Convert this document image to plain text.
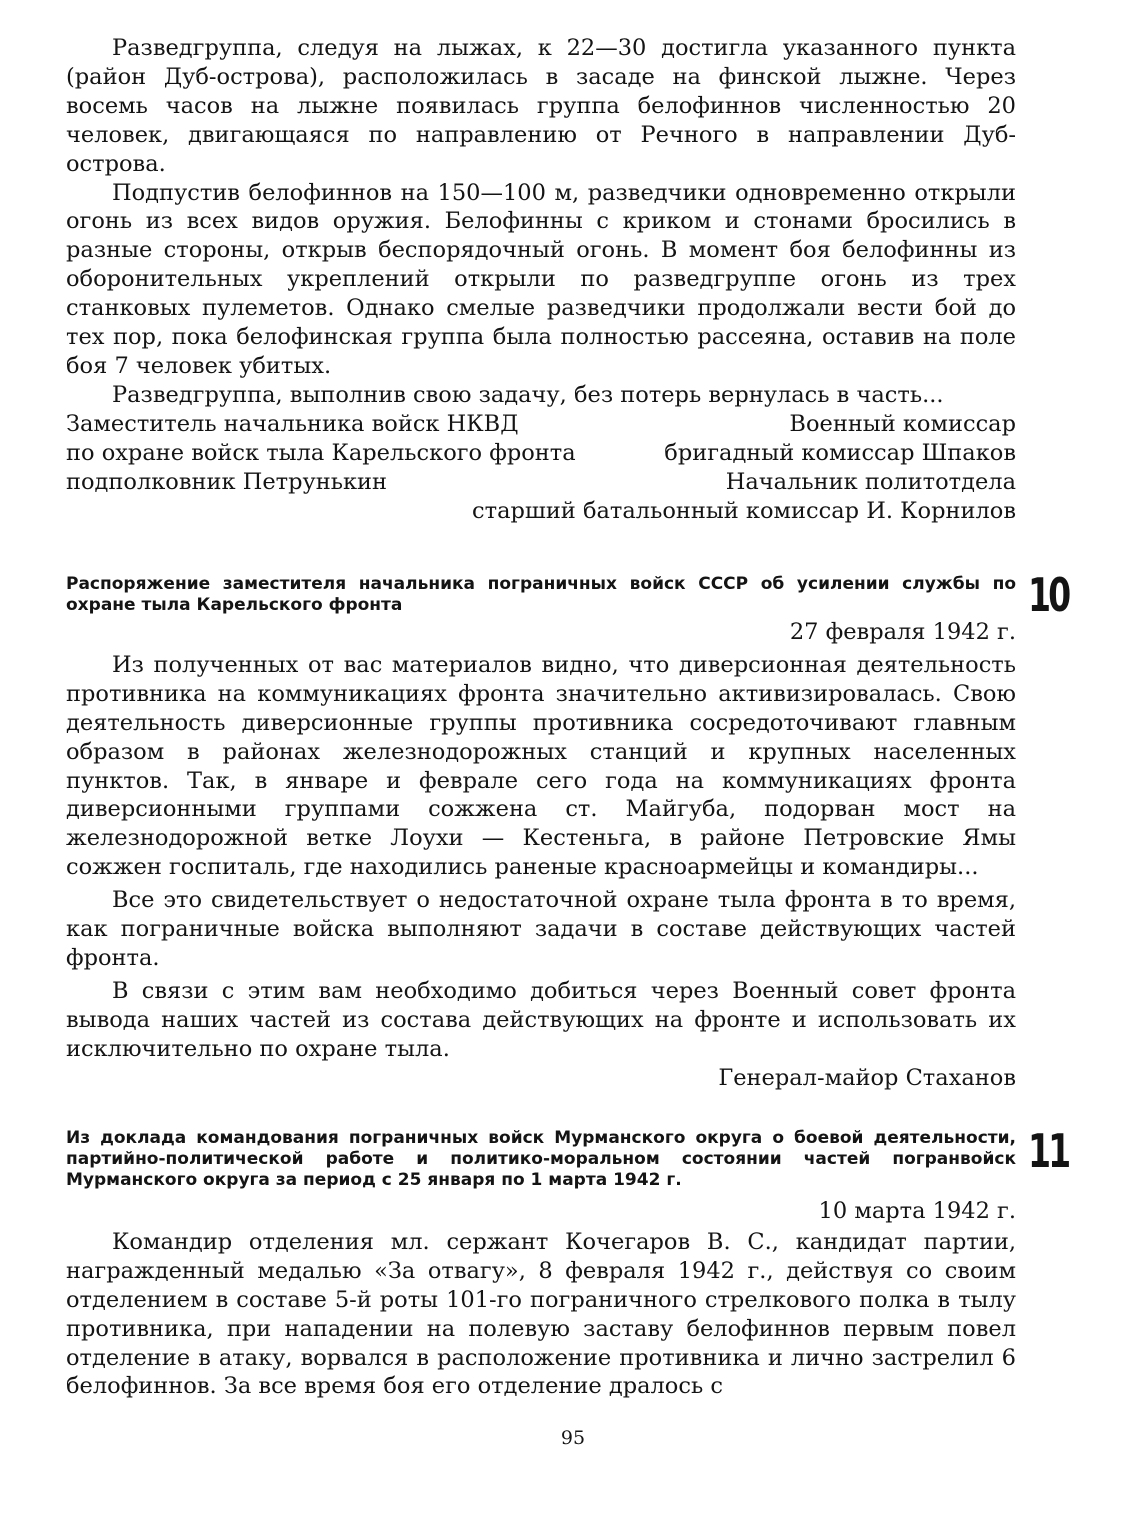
Разведгруппа, следуя на лыжах, к 22—30 достигла указанного пункта (район Дуб-острова), расположилась в засаде на финской лыжне. Через восемь часов на лыжне появилась группа белофиннов численностью 20 человек, двигающаяся по направлению от Речного в направлении Дуб-острова.

Подпустив белофиннов на 150—100 м, разведчики одновременно открыли огонь из всех видов оружия. Белофинны с криком и стонами бросились в разные стороны, открыв беспорядочный огонь. В момент боя белофинны из оборонительных укреплений открыли по разведгруппе огонь из трех станковых пулеметов. Однако смелые разведчики продолжали вести бой до тех пор, пока белофинская группа была полностью рассеяна, оставив на поле боя 7 человек убитых.

Разведгруппа, выполнив свою задачу, без потерь вернулась в часть...

Заместитель начальника войск НКВД	Военный комиссар
по охране войск тыла Карельского фронта	бригадный комиссар Шпаков
подполковник Петрунькин	Начальник политотдела
старший батальонный комиссар И. Корнилов
10

Распоряжение заместителя начальника пограничных войск СССР об усилении службы по охране тыла Карельского фронта

27 февраля 1942 г.

Из полученных от вас материалов видно, что диверсионная деятельность противника на коммуникациях фронта значительно активизировалась. Свою деятельность диверсионные группы противника сосредоточивают главным образом в районах железнодорожных станций и крупных населенных пунктов. Так, в январе и феврале сего года на коммуникациях фронта диверсионными группами сожжена ст. Майгуба, подорван мост на железнодорожной ветке Лоухи — Кестеньга, в районе Петровские Ямы сожжен госпиталь, где находились раненые красноармейцы и командиры...

Все это свидетельствует о недостаточной охране тыла фронта в то время, как пограничные войска выполняют задачи в составе действующих частей фронта.

В связи с этим вам необходимо добиться через Военный совет фронта вывода наших частей из состава действующих на фронте и использовать их исключительно по охране тыла.

Генерал-майор Стаханов
11

Из доклада командования пограничных войск Мурманского округа о боевой деятельности, партийно-политической работе и политико-моральном состоянии частей погранвойск Мурманского округа за период с 25 января по 1 марта 1942 г.

10 марта 1942 г.

Командир отделения мл. сержант Кочегаров В. С., кандидат партии, награжденный медалью «За отвагу», 8 февраля 1942 г., действуя со своим отделением в составе 5-й роты 101-го пограничного стрелкового полка в тылу противника, при нападении на полевую заставу белофиннов первым повел отделение в атаку, ворвался в расположение противника и лично застрелил 6 белофиннов. За все время боя его отделение дралось с

95
